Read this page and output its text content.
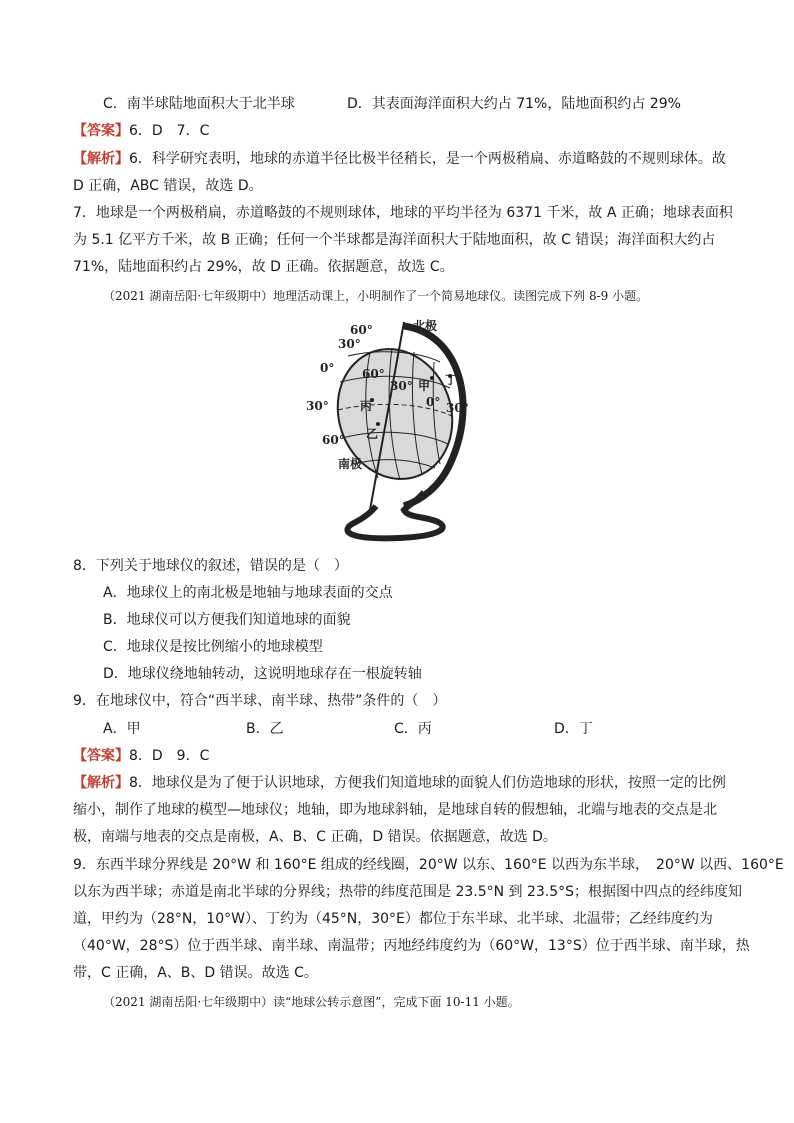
C．南半球陆地面积大于北半球	D．其表面海洋面积大约占 71%，陆地面积约占 29%
【答案】6．D　7．C
【解析】6．科学研究表明，地球的赤道半径比极半径稍长，是一个两极稍扁、赤道略鼓的不规则球体。故
D 正确，ABC 错误，故选 D。
7．地球是一个两极稍扁，赤道略鼓的不规则球体，地球的平均半径为 6371 千米，故 A 正确；地球表面积
为 5.1 亿平方千米，故 B 正确；任何一个半球都是海洋面积大于陆地面积，故 C 错误；海洋面积大约占
71%，陆地面积约占 29%，故 D 正确。依据题意，故选 C。
（2021 湖南岳阳·七年级期中）地理活动课上，小明制作了一个简易地球仪。读图完成下列 8-9 小题。
北极
南极
60°
30°
0°
30°
60°
60°
30°
0° 30°
甲 丁
丙
乙
8．下列关于地球仪的叙述，错误的是（　）
A．地球仪上的南北极是地轴与地球表面的交点
B．地球仪可以方便我们知道地球的面貌
C．地球仪是按比例缩小的地球模型
D．地球仪绕地轴转动，这说明地球存在一根旋转轴
9．在地球仪中，符合“西半球、南半球、热带”条件的（　）
A．甲	B．乙	C．丙	D．丁
【答案】8．D　9．C
【解析】8．地球仪是为了便于认识地球，方便我们知道地球的面貌人们仿造地球的形状，按照一定的比例
缩小，制作了地球的模型—地球仪；地轴，即为地球斜轴，是地球自转的假想轴，北端与地表的交点是北
极，南端与地表的交点是南极，A、B、C 正确，D 错误。依据题意，故选 D。
9．东西半球分界线是 20°W 和 160°E 组成的经线圈，20°W 以东、160°E 以西为东半球，　20°W 以西、160°E
以东为西半球；赤道是南北半球的分界线；热带的纬度范围是 23.5°N 到 23.5°S；根据图中四点的经纬度知
道，甲约为（28°N，10°W）、丁约为（45°N，30°E）都位于东半球、北半球、北温带；乙经纬度约为
（40°W，28°S）位于西半球、南半球、南温带；丙地经纬度约为（60°W，13°S）位于西半球、南半球，热
带，C 正确，A、B、D 错误。故选 C。
（2021 湖南岳阳·七年级期中）读“地球公转示意图”，完成下面 10-11 小题。
